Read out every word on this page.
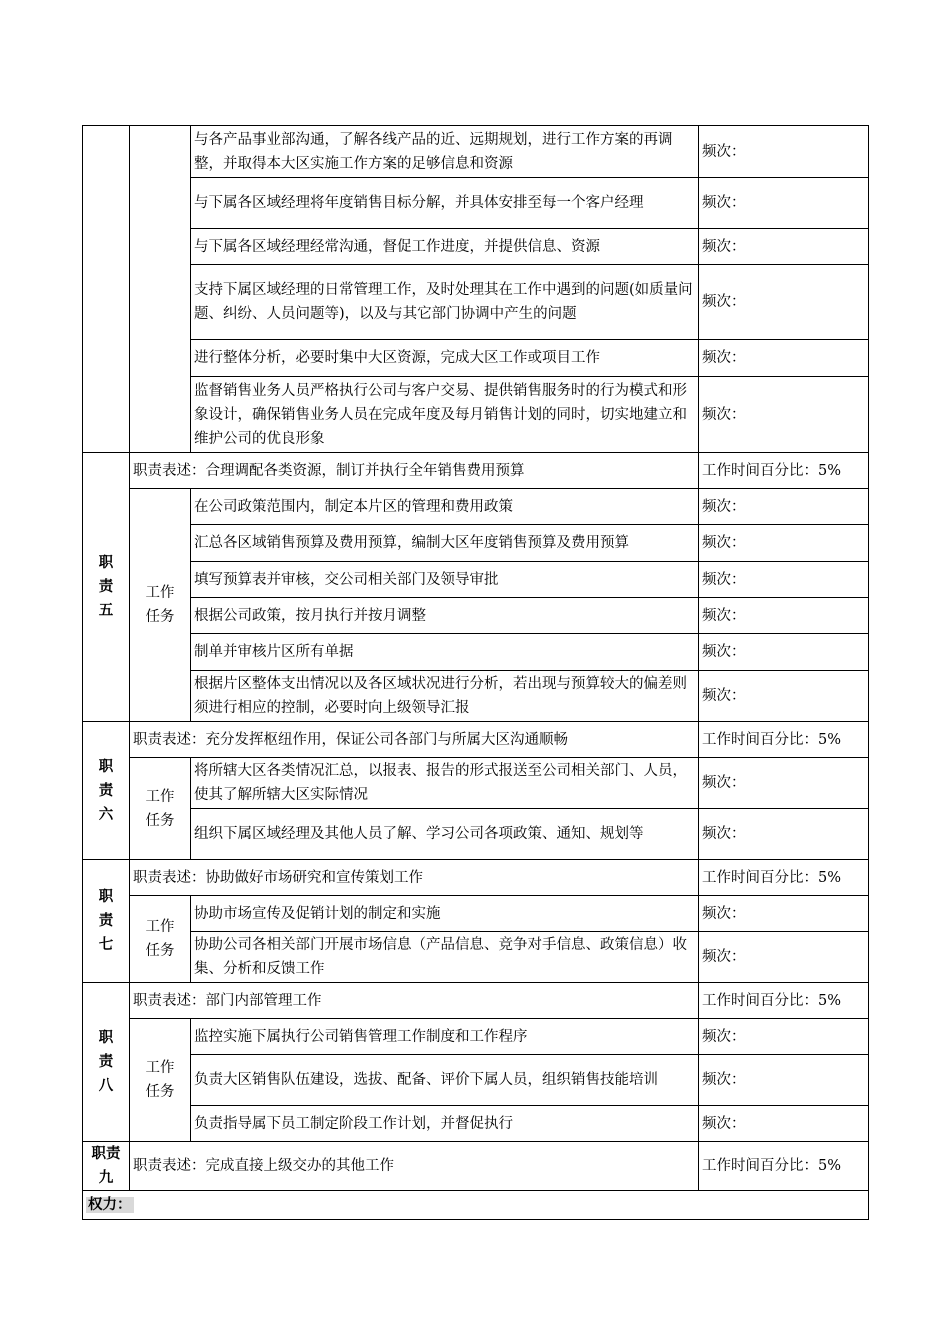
		与各产品事业部沟通，了解各线产品的近、远期规划，进行工作方案的再调整，并取得本大区实施工作方案的足够信息和资源	频次：
		与下属各区域经理将年度销售目标分解，并具体安排至每一个客户经理	频次：
		与下属各区域经理经常沟通，督促工作进度，并提供信息、资源	频次：
		支持下属区域经理的日常管理工作，及时处理其在工作中遇到的问题(如质量问题、纠纷、人员问题等)，以及与其它部门协调中产生的问题	频次：
		进行整体分析，必要时集中大区资源，完成大区工作或项目工作	频次：
		监督销售业务人员严格执行公司与客户交易、提供销售服务时的行为模式和形象设计，确保销售业务人员在完成年度及每月销售计划的同时，切实地建立和维护公司的优良形象	频次：

职
责
五	职责表述：合理调配各类资源，制订并执行全年销售费用预算		工作时间百分比：5%

	工作
任务	在公司政策范围内，制定本片区的管理和费用政策	频次：
		汇总各区域销售预算及费用预算，编制大区年度销售预算及费用预算	频次：
		填写预算表并审核，交公司相关部门及领导审批	频次：
		根据公司政策，按月执行并按月调整	频次：
		制单并审核片区所有单据	频次：
		根据片区整体支出情况以及各区域状况进行分析，若出现与预算较大的偏差则须进行相应的控制，必要时向上级领导汇报	频次：

职
责
六	职责表述：充分发挥枢纽作用，保证公司各部门与所属大区沟通顺畅		工作时间百分比：5%

	工作
任务	将所辖大区各类情况汇总，以报表、报告的形式报送至公司相关部门、人员，使其了解所辖大区实际情况	频次：
		组织下属区域经理及其他人员了解、学习公司各项政策、通知、规划等	频次：

职
责
七	职责表述：协助做好市场研究和宣传策划工作		工作时间百分比：5%

	工作
任务	协助市场宣传及促销计划的制定和实施	频次：
		协助公司各相关部门开展市场信息（产品信息、竞争对手信息、政策信息）收集、分析和反馈工作	频次：

职
责
八	职责表述：部门内部管理工作		工作时间百分比：5%

	工作
任务	监控实施下属执行公司销售管理工作制度和工作程序	频次：
		负责大区销售队伍建设，选拔、配备、评价下属人员，组织销售技能培训	频次：
		负责指导属下员工制定阶段工作计划，并督促执行	频次：

职责
九	职责表述：完成直接上级交办的其他工作		工作时间百分比：5%
权力：			
